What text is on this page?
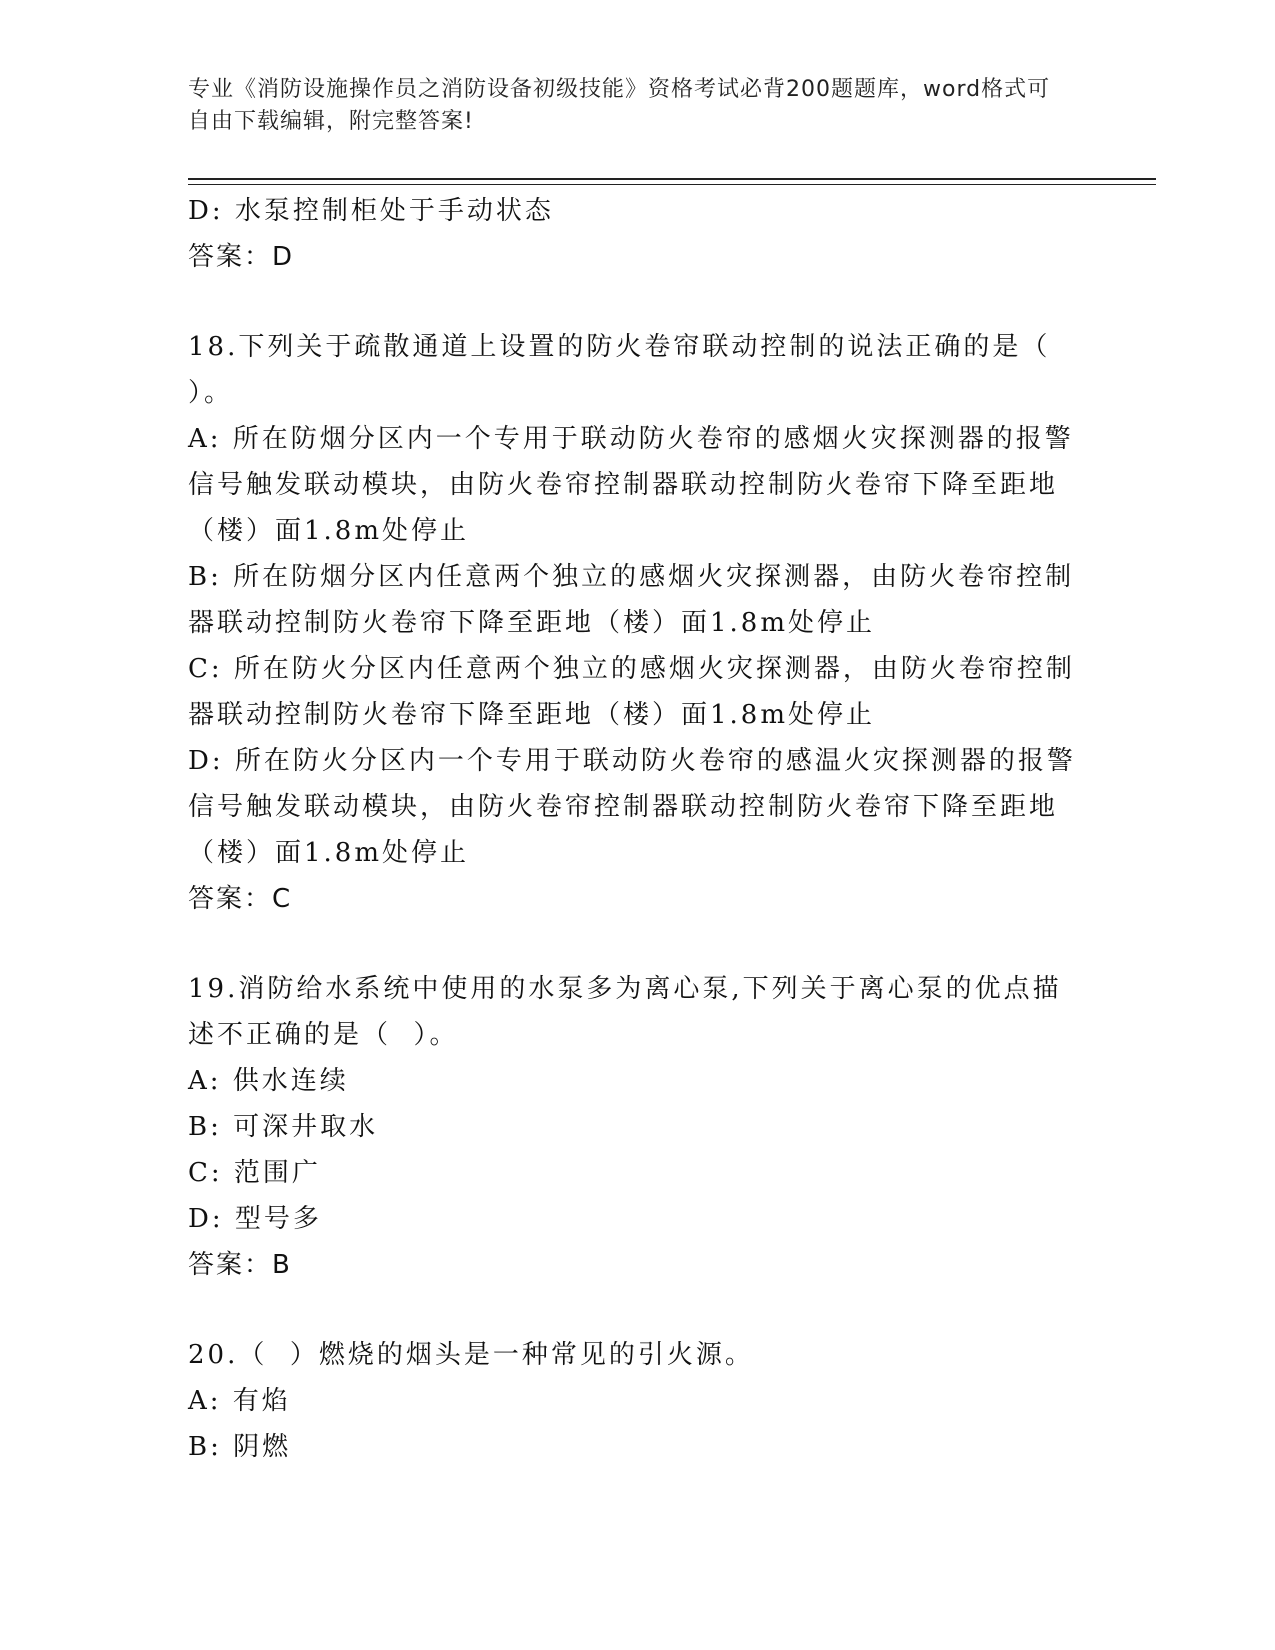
专业《消防设施操作员之消防设备初级技能》资格考试必背200题题库，word格式可自由下载编辑，附完整答案!
D: 水泵控制柜处于手动状态
答案：D
18.下列关于疏散通道上设置的防火卷帘联动控制的说法正确的是（
）。
A: 所在防烟分区内一个专用于联动防火卷帘的感烟火灾探测器的报警
信号触发联动模块，由防火卷帘控制器联动控制防火卷帘下降至距地
（楼）面1.8m处停止
B: 所在防烟分区内任意两个独立的感烟火灾探测器，由防火卷帘控制
器联动控制防火卷帘下降至距地（楼）面1.8m处停止
C: 所在防火分区内任意两个独立的感烟火灾探测器，由防火卷帘控制
器联动控制防火卷帘下降至距地（楼）面1.8m处停止
D: 所在防火分区内一个专用于联动防火卷帘的感温火灾探测器的报警
信号触发联动模块，由防火卷帘控制器联动控制防火卷帘下降至距地
（楼）面1.8m处停止
答案：C
19.消防给水系统中使用的水泵多为离心泵,下列关于离心泵的优点描
述不正确的是（  ）。
A: 供水连续
B: 可深井取水
C: 范围广
D: 型号多
答案：B
20.（  ）燃烧的烟头是一种常见的引火源。
A: 有焰
B: 阴燃
